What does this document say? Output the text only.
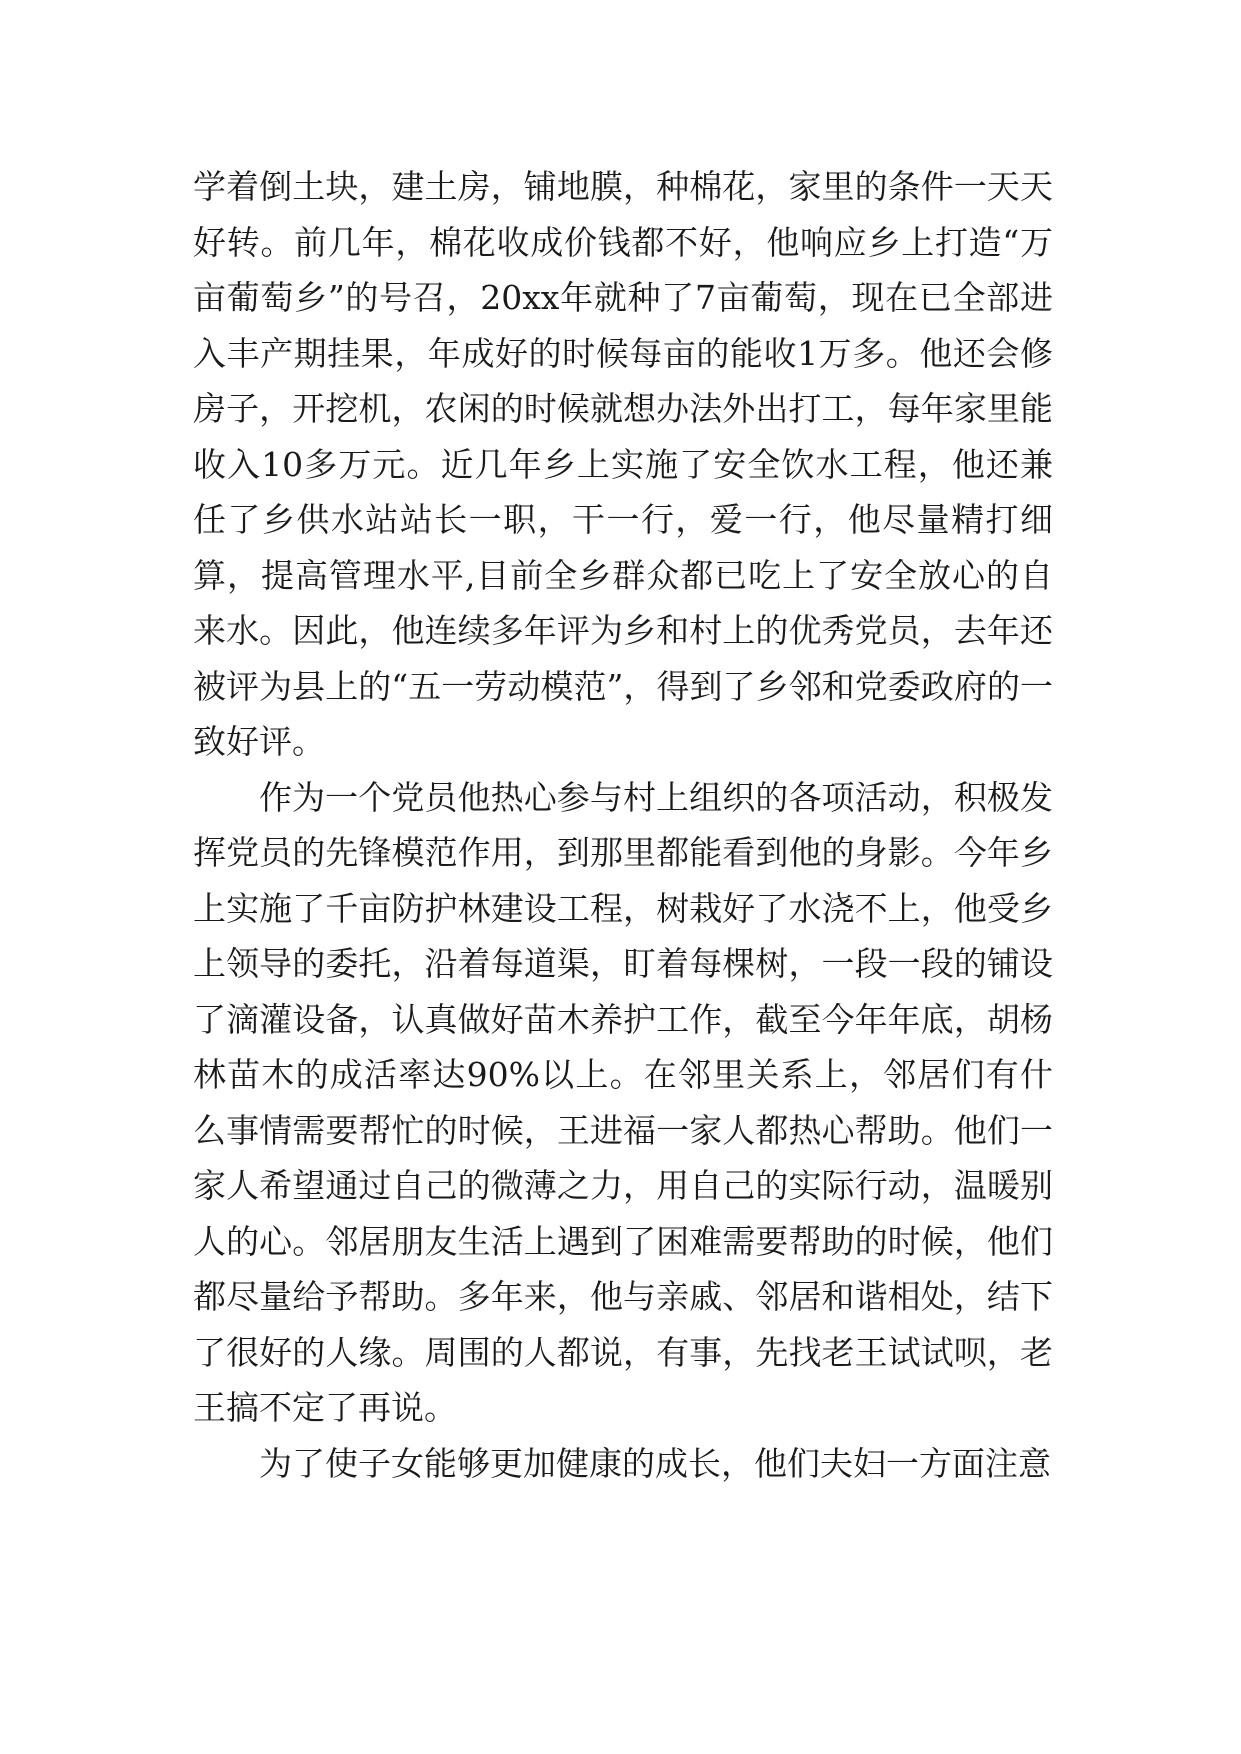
学着倒土块，建土房，铺地膜，种棉花，家里的条件一天天好转。前几年，棉花收成价钱都不好，他响应乡上打造“万亩葡萄乡”的号召，20xx年就种了7亩葡萄，现在已全部进入丰产期挂果，年成好的时候每亩的能收1万多。他还会修房子，开挖机，农闲的时候就想办法外出打工，每年家里能收入10多万元。近几年乡上实施了安全饮水工程，他还兼任了乡供水站站长一职，干一行，爱一行，他尽量精打细算，提高管理水平,目前全乡群众都已吃上了安全放心的自来水。因此，他连续多年评为乡和村上的优秀党员，去年还被评为县上的“五一劳动模范”，得到了乡邻和党委政府的一致好评。

作为一个党员他热心参与村上组织的各项活动，积极发挥党员的先锋模范作用，到那里都能看到他的身影。今年乡上实施了千亩防护林建设工程，树栽好了水浇不上，他受乡上领导的委托，沿着每道渠，盯着每棵树，一段一段的铺设了滴灌设备，认真做好苗木养护工作，截至今年年底，胡杨林苗木的成活率达90%以上。在邻里关系上，邻居们有什么事情需要帮忙的时候，王进福一家人都热心帮助。他们一家人希望通过自己的微薄之力，用自己的实际行动，温暖别人的心。邻居朋友生活上遇到了困难需要帮助的时候，他们都尽量给予帮助。多年来，他与亲戚、邻居和谐相处，结下了很好的人缘。周围的人都说，有事，先找老王试试呗，老王搞不定了再说。

为了使子女能够更加健康的成长，他们夫妇一方面注意
